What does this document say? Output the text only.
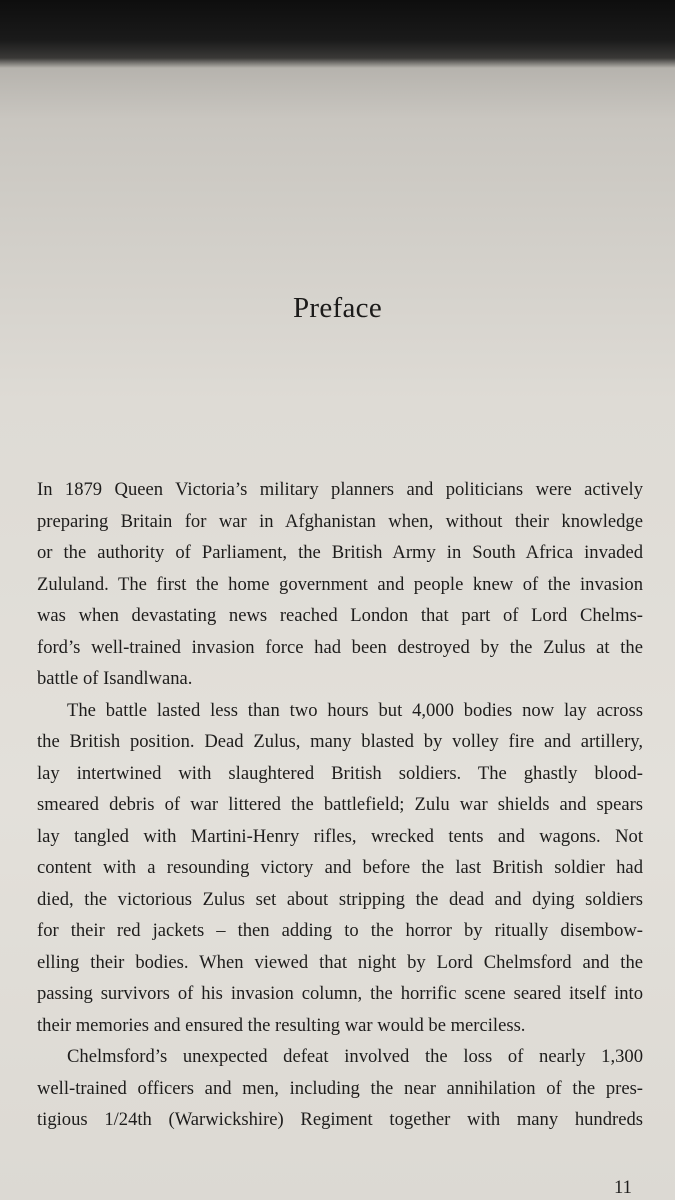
Preface

In 1879 Queen Victoria’s military planners and politicians were actively
preparing Britain for war in Afghanistan when, without their knowledge
or the authority of Parliament, the British Army in South Africa invaded
Zululand. The first the home government and people knew of the invasion
was when devastating news reached London that part of Lord Chelms-
ford’s well-trained invasion force had been destroyed by the Zulus at the
battle of Isandlwana.

The battle lasted less than two hours but 4,000 bodies now lay across
the British position. Dead Zulus, many blasted by volley fire and artillery,
lay intertwined with slaughtered British soldiers. The ghastly blood-
smeared debris of war littered the battlefield; Zulu war shields and spears
lay tangled with Martini-Henry rifles, wrecked tents and wagons. Not
content with a resounding victory and before the last British soldier had
died, the victorious Zulus set about stripping the dead and dying soldiers
for their red jackets – then adding to the horror by ritually disembow-
elling their bodies. When viewed that night by Lord Chelmsford and the
passing survivors of his invasion column, the horrific scene seared itself into
their memories and ensured the resulting war would be merciless.

Chelmsford’s unexpected defeat involved the loss of nearly 1,300
well-trained officers and men, including the near annihilation of the pres-
tigious 1/24th (Warwickshire) Regiment together with many hundreds

11
